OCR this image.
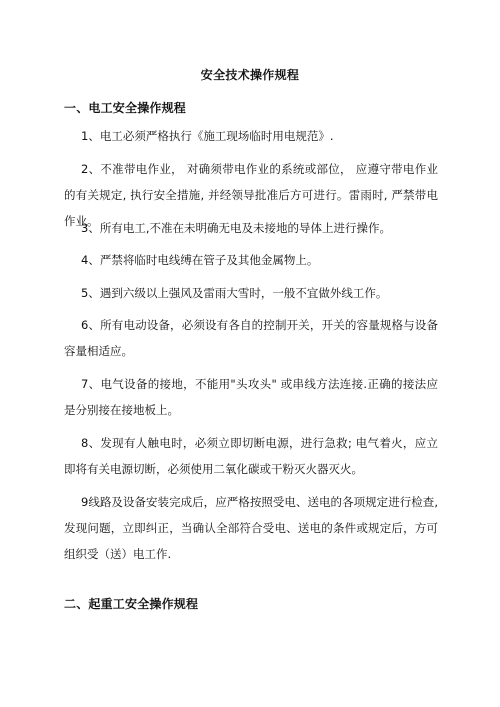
安全技术操作规程
一、电工安全操作规程
1、电工必须严格执行《施工现场临时用电规范》.
2、不准带电作业， 对确须带电作业的系统或部位， 应遵守带电作业的有关规定, 执行安全措施, 并经领导批准后方可进行。雷雨时, 严禁带电作业。
3、所有电工,不准在未明确无电及未接地的导体上进行操作。
4、严禁将临时电线缚在管子及其他金属物上。
5、遇到六级以上强风及雷雨大雪时，一般不宜做外线工作。
6、所有电动设备，必须设有各自的控制开关，开关的容量规格与设备容量相适应。
7、电气设备的接地，不能用"头攻头" 或串线方法连接.正确的接法应是分别接在接地板上。
8、发现有人触电时，必须立即切断电源，进行急救; 电气着火，应立即将有关电源切断，必须使用二氧化碳或干粉灭火器灭火。
9线路及设备安装完成后，应严格按照受电、送电的各项规定进行检查, 发现问题，立即纠正，当确认全部符合受电、送电的条件或规定后，方可组织受（送）电工作.
二、起重工安全操作规程
